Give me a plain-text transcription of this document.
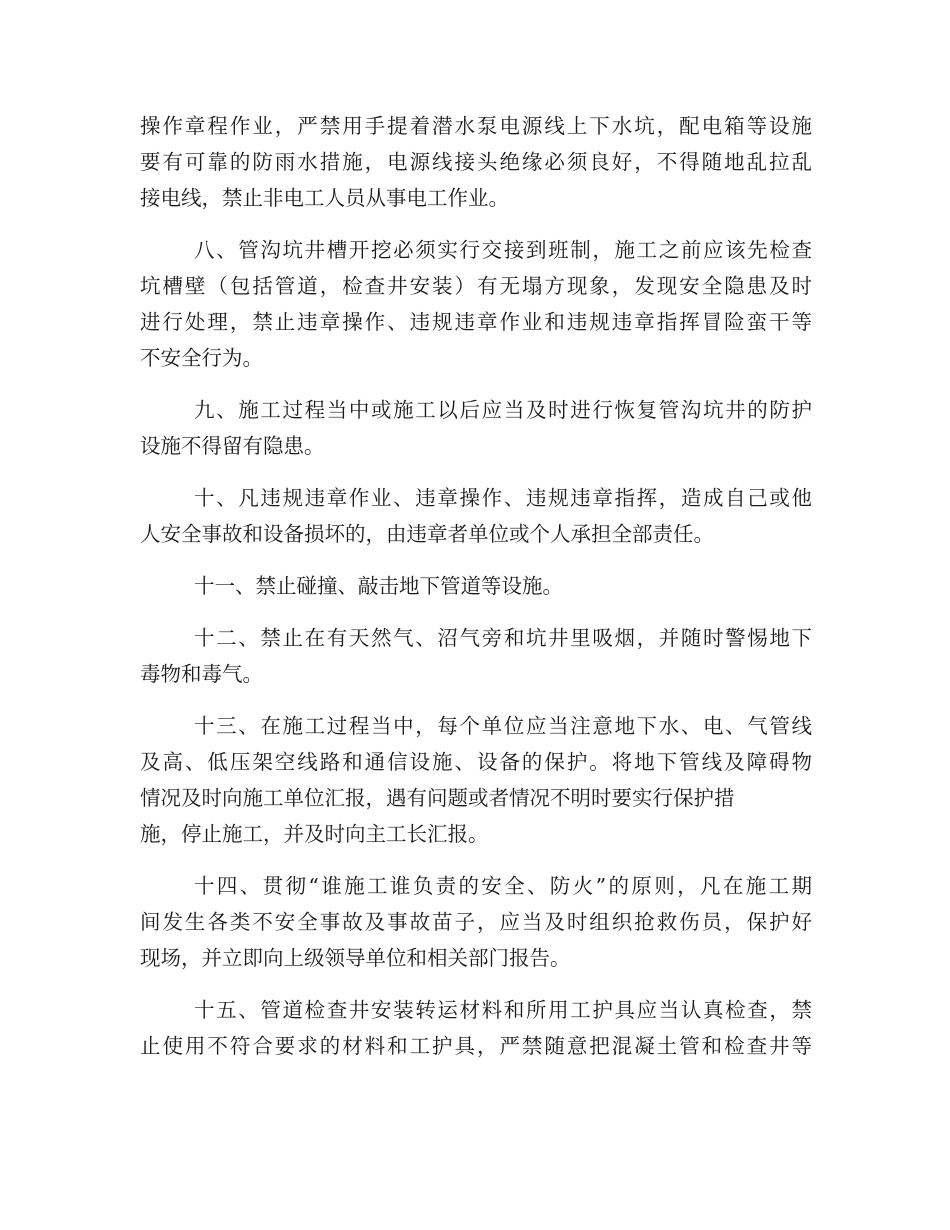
操作章程作业，严禁用手提着潜水泵电源线上下水坑，配电箱等设施
要有可靠的防雨水措施，电源线接头绝缘必须良好，不得随地乱拉乱
接电线，禁止非电工人员从事电工作业。
八、管沟坑井槽开挖必须实行交接到班制，施工之前应该先检查
坑槽壁（包括管道，检查井安装）有无塌方现象，发现安全隐患及时
进行处理，禁止违章操作、违规违章作业和违规违章指挥冒险蛮干等
不安全行为。
九、施工过程当中或施工以后应当及时进行恢复管沟坑井的防护
设施不得留有隐患。
十、凡违规违章作业、违章操作、违规违章指挥，造成自己或他
人安全事故和设备损坏的，由违章者单位或个人承担全部责任。
十一、禁止碰撞、敲击地下管道等设施。
十二、禁止在有天然气、沼气旁和坑井里吸烟，并随时警惕地下
毒物和毒气。
十三、在施工过程当中，每个单位应当注意地下水、电、气管线
及高、低压架空线路和通信设施、设备的保护。将地下管线及障碍物
情况及时向施工单位汇报，遇有问题或者情况不明时要实行保护措
施，停止施工，并及时向主工长汇报。
十四、贯彻“谁施工谁负责的安全、防火”的原则，凡在施工期
间发生各类不安全事故及事故苗子，应当及时组织抢救伤员，保护好
现场，并立即向上级领导单位和相关部门报告。
十五、管道检查井安装转运材料和所用工护具应当认真检查，禁
止使用不符合要求的材料和工护具，严禁随意把混凝土管和检查井等
